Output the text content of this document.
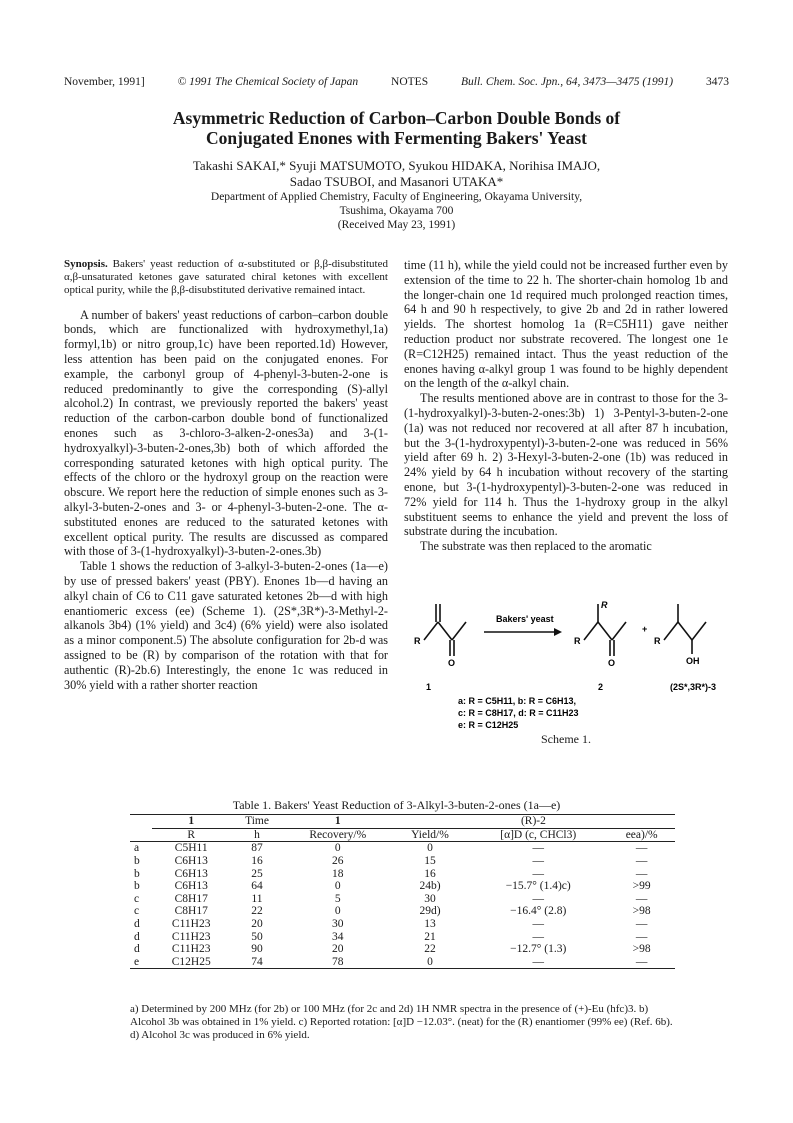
November, 1991]	© 1991 The Chemical Society of Japan	NOTES	Bull. Chem. Soc. Jpn., 64, 3473—3475 (1991)	3473
Asymmetric Reduction of Carbon–Carbon Double Bonds of
Conjugated Enones with Fermenting Bakers' Yeast
Takashi SAKAI,* Syuji MATSUMOTO, Syukou HIDAKA, Norihisa IMAJO,
Sadao TSUBOI, and Masanori UTAKA*
Department of Applied Chemistry, Faculty of Engineering, Okayama University,
Tsushima, Okayama 700
(Received May 23, 1991)
Synopsis. Bakers' yeast reduction of α-substituted or β,β-disubstituted α,β-unsaturated ketones gave saturated chiral ketones with excellent optical purity, while the β,β-disubstituted derivative remained intact.

A number of bakers' yeast reductions of carbon–carbon double bonds, which are functionalized with hydroxymethyl,1a) formyl,1b) or nitro group,1c) have been reported.1d) However, less attention has been paid on the conjugated enones. For example, the carbonyl group of 4-phenyl-3-buten-2-one is reduced predominantly to give the corresponding (S)-allyl alcohol.2) In contrast, we previously reported the bakers' yeast reduction of the carbon-carbon double bond of functionalized enones such as 3-chloro-3-alken-2-ones3a) and 3-(1-hydroxyalkyl)-3-buten-2-ones,3b) both of which afforded the corresponding saturated ketones with high optical purity. The effects of the chloro or the hydroxyl group on the reaction were obscure. We report here the reduction of simple enones such as 3-alkyl-3-buten-2-ones and 3- or 4-phenyl-3-buten-2-one. The α-substituted enones are reduced to the saturated ketones with excellent optical purity. The results are discussed as compared with those of 3-(1-hydroxyalkyl)-3-buten-2-ones.3b)

Table 1 shows the reduction of 3-alkyl-3-buten-2-ones (1a—e) by use of pressed bakers' yeast (PBY). Enones 1b—d having an alkyl chain of C6 to C11 gave saturated ketones 2b—d with high enantiomeric excess (ee) (Scheme 1). (2S*,3R*)-3-Methyl-2-alkanols 3b4) (1% yield) and 3c4) (6% yield) were also isolated as a minor component.5) The absolute configuration for 2b-d was assigned to be (R) by comparison of the rotation with that for authentic (R)-2b.6) Interestingly, the enone 1c was reduced in 30% yield with a rather shorter reaction

time (11 h), while the yield could not be increased further even by extension of the time to 22 h. The shorter-chain homolog 1b and the longer-chain one 1d required much prolonged reaction times, 64 h and 90 h respectively, to give 2b and 2d in rather lowered yields. The shortest homolog 1a (R=C5H11) gave neither reduction product nor substrate recovered. The longest one 1e (R=C12H25) remained intact. Thus the yeast reduction of the enones having α-alkyl group 1 was found to be highly dependent on the length of the α-alkyl chain.

The results mentioned above are in contrast to those for the 3-(1-hydroxyalkyl)-3-buten-2-ones:3b) 1) 3-Pentyl-3-buten-2-one (1a) was not reduced nor recovered at all after 87 h incubation, but the 3-(1-hydroxypentyl)-3-buten-2-one was reduced in 56% yield after 69 h. 2) 3-Hexyl-3-buten-2-one (1b) was reduced in 24% yield by 64 h incubation without recovery of the starting enone, but 3-(1-hydroxypentyl)-3-buten-2-one was reduced in 72% yield for 114 h. Thus the 1-hydroxy group in the alkyl substituent seems to enhance the yield and prevent the loss of substrate during the incubation.

The substrate was then replaced to the aromatic

R
O
Bakers' yeast
R
R
O
+
R
OH
1	2	(2S*,3R*)-3
a: R = C5H11, b: R = C6H13,
c: R = C8H17, d: R = C11H23
e: R = C12H25
Scheme 1.
Table 1. Bakers' Yeast Reduction of 3-Alkyl-3-buten-2-ones (1a—e)
	1	Time	1	(R)-2		
	R	h	Recovery/%	Yield/%	[α]D (c, CHCl3)	eea)/%
a	C5H11	87	0	0	—	—
b	C6H13	16	26	15	—	—
b	C6H13	25	18	16	—	—
b	C6H13	64	0	24b)	−15.7° (1.4)c)	>99
c	C8H17	11	5	30	—	—
c	C8H17	22	0	29d)	−16.4° (2.8)	>98
d	C11H23	20	30	13	—	—
d	C11H23	50	34	21	—	—
d	C11H23	90	20	22	−12.7° (1.3)	>98
e	C12H25	74	78	0	—	—
a) Determined by 200 MHz (for 2b) or 100 MHz (for 2c and 2d) 1H NMR spectra in the presence of (+)-Eu (hfc)3. b) Alcohol 3b was obtained in 1% yield. c) Reported rotation: [α]D −12.03°. (neat) for the (R) enantiomer (99% ee) (Ref. 6b). d) Alcohol 3c was produced in 6% yield.
